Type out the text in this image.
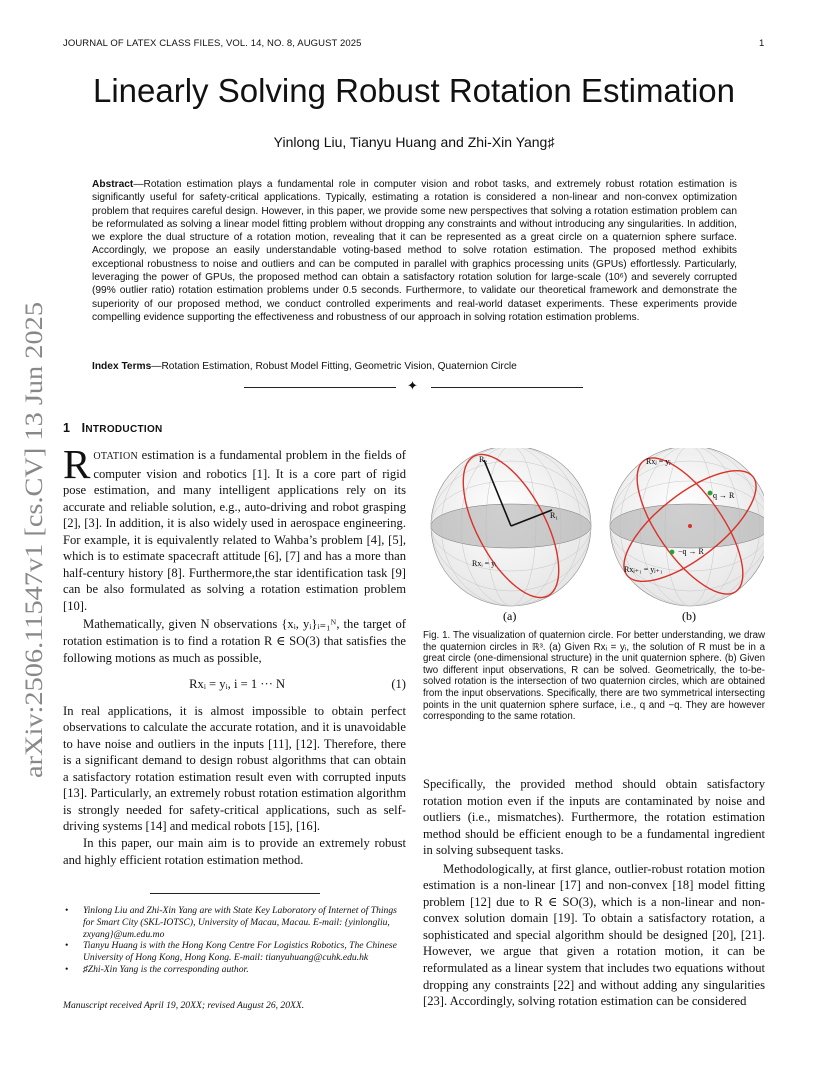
JOURNAL OF LATEX CLASS FILES, VOL. 14, NO. 8, AUGUST 2025	1
arXiv:2506.11547v1 [cs.CV] 13 Jun 2025
Linearly Solving Robust Rotation Estimation
Yinlong Liu, Tianyu Huang and Zhi-Xin Yang♯
Abstract—Rotation estimation plays a fundamental role in computer vision and robot tasks, and extremely robust rotation estimation is significantly useful for safety-critical applications. Typically, estimating a rotation is considered a non-linear and non-convex optimization problem that requires careful design. However, in this paper, we provide some new perspectives that solving a rotation estimation problem can be reformulated as solving a linear model fitting problem without dropping any constraints and without introducing any singularities. In addition, we explore the dual structure of a rotation motion, revealing that it can be represented as a great circle on a quaternion sphere surface. Accordingly, we propose an easily understandable voting-based method to solve rotation estimation. The proposed method exhibits exceptional robustness to noise and outliers and can be computed in parallel with graphics processing units (GPUs) effortlessly. Particularly, leveraging the power of GPUs, the proposed method can obtain a satisfactory rotation solution for large-scale (10⁶) and severely corrupted (99% outlier ratio) rotation estimation problems under 0.5 seconds. Furthermore, to validate our theoretical framework and demonstrate the superiority of our proposed method, we conduct controlled experiments and real-world dataset experiments. These experiments provide compelling evidence supporting the effectiveness and robustness of our approach in solving rotation estimation problems.
Index Terms—Rotation Estimation, Robust Model Fitting, Geometric Vision, Quaternion Circle
✦
1 INTRODUCTION

ROTATION estimation is a fundamental problem in the fields of computer vision and robotics [1]. It is a core part of rigid pose estimation, and many intelligent applications rely on its accurate and reliable solution, e.g., auto-driving and robot grasping [2], [3]. In addition, it is also widely used in aerospace engineering. For example, it is equivalently related to Wahba’s problem [4], [5], which is to estimate spacecraft attitude [6], [7] and has a more than half-century history [8]. Furthermore,the star identification task [9] can be also formulated as solving a rotation estimation problem [10].

Mathematically, given N observations {xᵢ, yᵢ}ᵢ₌₁ᴺ, the target of rotation estimation is to find a rotation R ∈ SO(3) that satisfies the following motions as much as possible,

Rxᵢ = yᵢ, i = 1 ··· N	(1)

In real applications, it is almost impossible to obtain perfect observations to calculate the accurate rotation, and it is unavoidable to have noise and outliers in the inputs [11], [12]. Therefore, there is a significant demand to design robust algorithms that can obtain a satisfactory rotation estimation result even with corrupted inputs [13]. Particularly, an extremely robust rotation estimation algorithm is strongly needed for safety-critical applications, such as self-driving systems [14] and medical robots [15], [16].

In this paper, our main aim is to provide an extremely robust and highly efficient rotation estimation method.

• Yinlong Liu and Zhi-Xin Yang are with State Key Laboratory of Internet of Things for Smart City (SKL-IOTSC), University of Macau, Macau. E-mail: {yinlongliu, zxyang}@um.edu.mo
• Tianyu Huang is with the Hong Kong Centre For Logistics Robotics, The Chinese University of Hong Kong, Hong Kong. E-mail: tianyuhuang@cuhk.edu.hk
• ♯Zhi-Xin Yang is the corresponding author.
Manuscript received April 19, 20XX; revised August 26, 20XX.
R₂
R₁
Rxᵢ = yᵢ
Rxⱼ = yⱼ
q → R
−q → R
Rxⱼ₊₁ = yⱼ₊₁
(a)	(b)
Fig. 1. The visualization of quaternion circle. For better understanding, we draw the quaternion circles in ℝ³. (a) Given Rxᵢ = yᵢ, the solution of R must be in a great circle (one-dimensional structure) in the unit quaternion sphere. (b) Given two different input observations, R can be solved. Geometrically, the to-be-solved rotation is the intersection of two quaternion circles, which are obtained from the input observations. Specifically, there are two symmetrical intersecting points in the unit quaternion sphere surface, i.e., q and −q. They are however corresponding to the same rotation.

Specifically, the provided method should obtain satisfactory rotation motion even if the inputs are contaminated by noise and outliers (i.e., mismatches). Furthermore, the rotation estimation method should be efficient enough to be a fundamental ingredient in solving subsequent tasks.

Methodologically, at first glance, outlier-robust rotation motion estimation is a non-linear [17] and non-convex [18] model fitting problem [12] due to R ∈ SO(3), which is a non-linear and non-convex solution domain [19]. To obtain a satisfactory rotation, a sophisticated and special algorithm should be designed [20], [21]. However, we argue that given a rotation motion, it can be reformulated as a linear system that includes two equations without dropping any constraints [22] and without adding any singularities [23]. Accordingly, solving rotation estimation can be considered
